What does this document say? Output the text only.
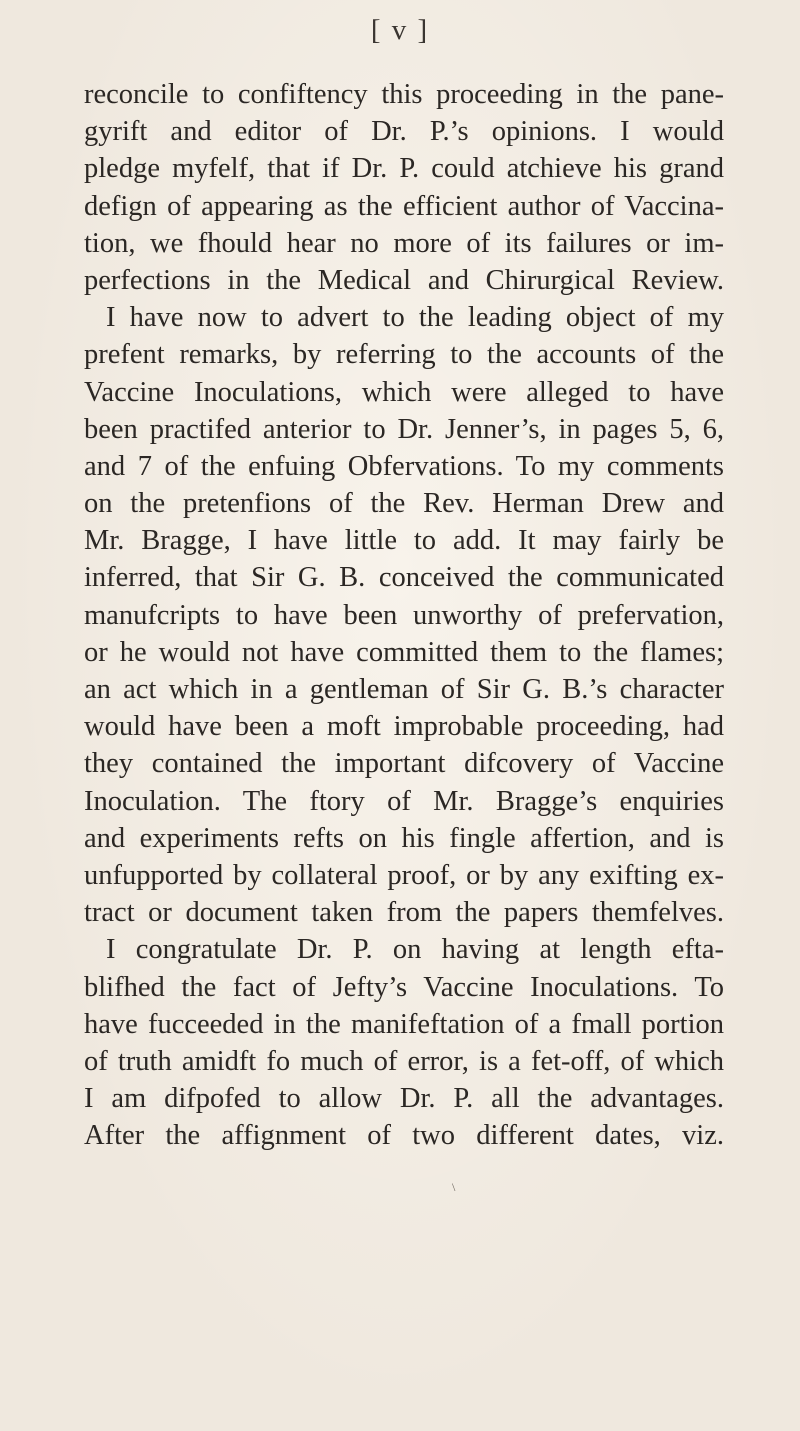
[ v ]
reconcile to confiftency this proceeding in the pane-
gyrift and editor of Dr. P.’s opinions. I would
pledge myfelf, that if Dr. P. could atchieve his grand
defign of appearing as the efficient author of Vaccina-
tion, we fhould hear no more of its failures or im-
perfections in the Medical and Chirurgical Review.
I have now to advert to the leading object of my
prefent remarks, by referring to the accounts of the
Vaccine Inoculations, which were alleged to have
been practifed anterior to Dr. Jenner’s, in pages 5, 6,
and 7 of the enfuing Obfervations. To my comments
on the pretenfions of the Rev. Herman Drew and
Mr. Bragge, I have little to add. It may fairly be
inferred, that Sir G. B. conceived the communicated
manufcripts to have been unworthy of prefervation,
or he would not have committed them to the flames;
an act which in a gentleman of Sir G. B.’s character
would have been a moft improbable proceeding, had
they contained the important difcovery of Vaccine
Inoculation. The ftory of Mr. Bragge’s enquiries
and experiments refts on his fingle affertion, and is
unfupported by collateral proof, or by any exifting ex-
tract or document taken from the papers themfelves.
I congratulate Dr. P. on having at length efta-
blifhed the fact of Jefty’s Vaccine Inoculations. To
have fucceeded in the manifeftation of a fmall portion
of truth amidft fo much of error, is a fet-off, of which
I am difpofed to allow Dr. P. all the advantages.
After the affignment of two different dates, viz.
\
